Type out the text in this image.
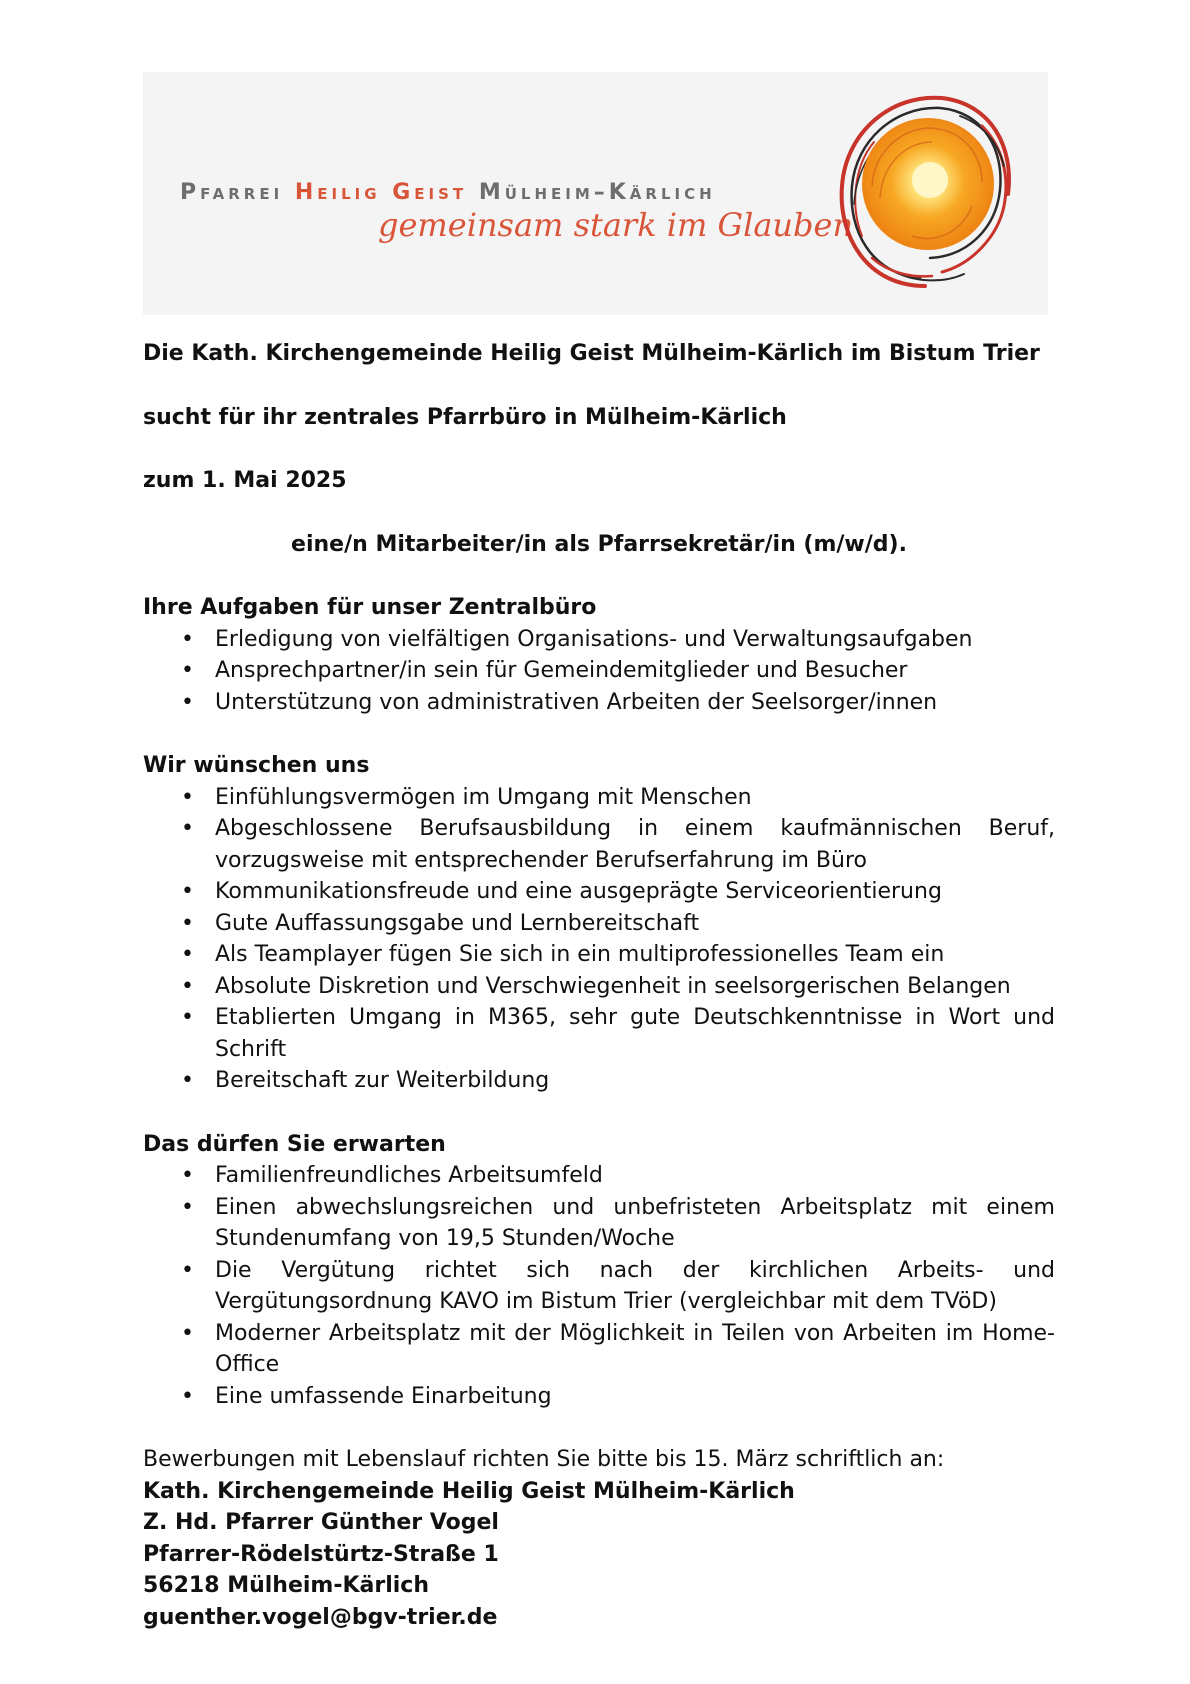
Pfarrei Heilig Geist Mülheim–Kärlich
gemeinsam stark im Glauben

Die Kath. Kirchengemeinde Heilig Geist Mülheim-Kärlich im Bistum Trier

sucht für ihr zentrales Pfarrbüro in Mülheim-Kärlich

zum 1. Mai 2025

eine/n Mitarbeiter/in als Pfarrsekretär/in (m/w/d).

Ihre Aufgaben für unser Zentralbüro
• Erledigung von vielfältigen Organisations- und Verwaltungsaufgaben
• Ansprechpartner/in sein für Gemeindemitglieder und Besucher
• Unterstützung von administrativen Arbeiten der Seelsorger/innen
Wir wünschen uns
• Einfühlungsvermögen im Umgang mit Menschen
• Abgeschlossene Berufsausbildung in einem kaufmännischen Beruf, vorzugsweise mit entsprechender Berufserfahrung im Büro
• Kommunikationsfreude und eine ausgeprägte Serviceorientierung
• Gute Auffassungsgabe und Lernbereitschaft
• Als Teamplayer fügen Sie sich in ein multiprofessionelles Team ein
• Absolute Diskretion und Verschwiegenheit in seelsorgerischen Belangen
• Etablierten Umgang in M365, sehr gute Deutschkenntnisse in Wort und Schrift
• Bereitschaft zur Weiterbildung
Das dürfen Sie erwarten
• Familienfreundliches Arbeitsumfeld
• Einen abwechslungsreichen und unbefristeten Arbeitsplatz mit einem Stundenumfang von 19,5 Stunden/Woche
• Die Vergütung richtet sich nach der kirchlichen Arbeits- und Vergütungsordnung KAVO im Bistum Trier (vergleichbar mit dem TVöD)
• Moderner Arbeitsplatz mit der Möglichkeit in Teilen von Arbeiten im Home-Office
• Eine umfassende Einarbeitung

Bewerbungen mit Lebenslauf richten Sie bitte bis 15. März schriftlich an:

Kath. Kirchengemeinde Heilig Geist Mülheim-Kärlich

Z. Hd. Pfarrer Günther Vogel

Pfarrer-Rödelstürtz-Straße 1

56218 Mülheim-Kärlich

guenther.vogel@bgv-trier.de
